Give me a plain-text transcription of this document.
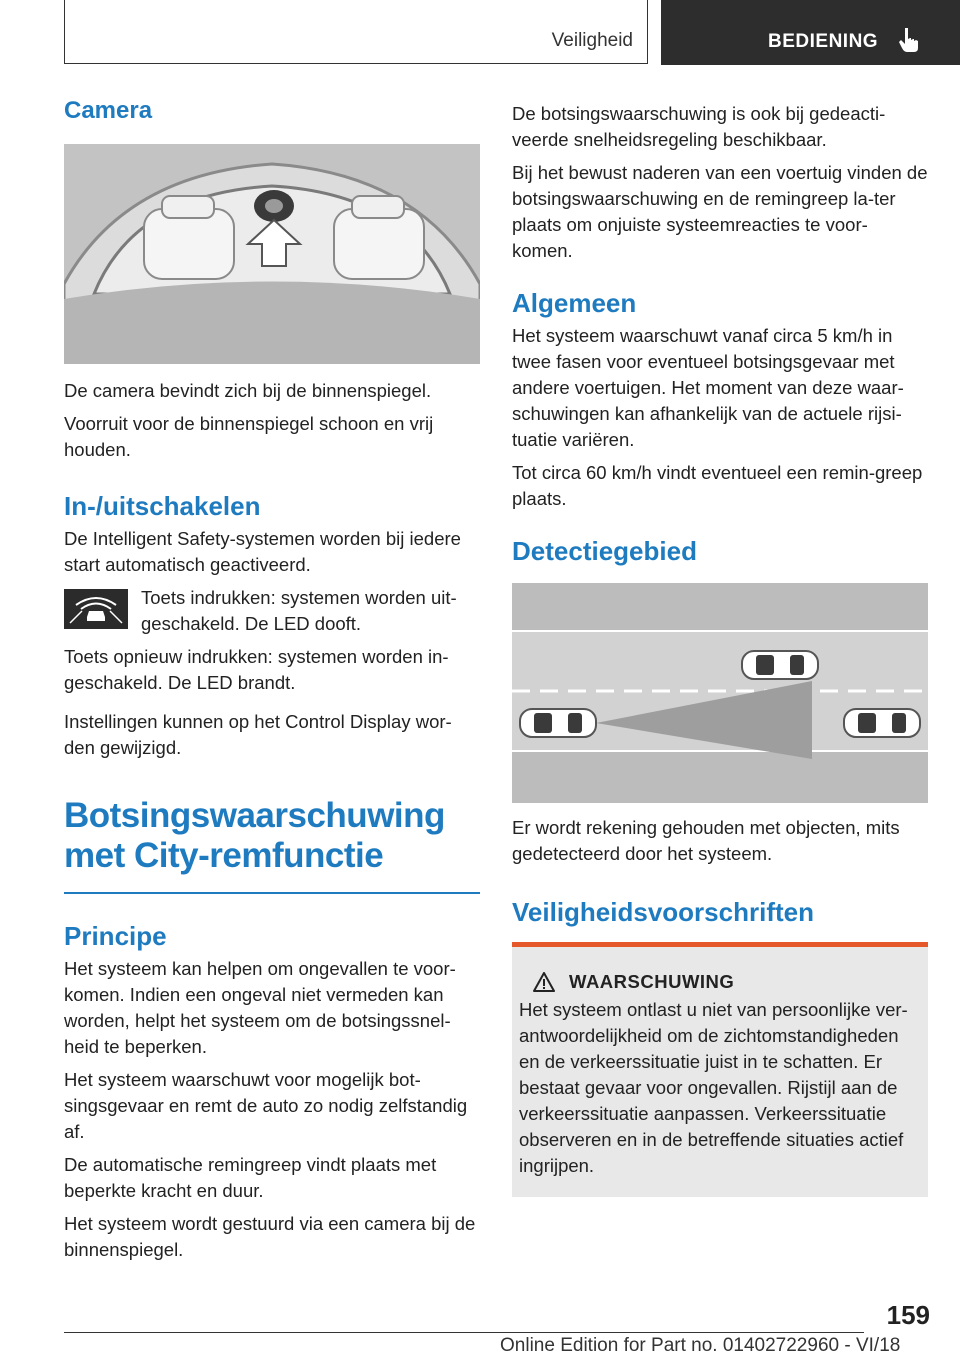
Veiligheid	BEDIENING
Camera

De camera bevindt zich bij de binnenspiegel.

Voorruit voor de binnenspiegel schoon en vrij houden.

In-/uitschakelen

De Intelligent Safety-systemen worden bij iedere start automatisch geactiveerd.

Toets indrukken: systemen worden uit-geschakeld. De LED dooft.

Toets opnieuw indrukken: systemen worden in-geschakeld. De LED brandt.

Instellingen kunnen op het Control Display wor-den gewijzigd.

Botsingswaarschuwing
met City-remfunctie
Principe

Het systeem kan helpen om ongevallen te voor-komen. Indien een ongeval niet vermeden kan worden, helpt het systeem om de botsingssnel-heid te beperken.

Het systeem waarschuwt voor mogelijk bot-singsgevaar en remt de auto zo nodig zelfstandig af.

De automatische remingreep vindt plaats met beperkte kracht en duur.

Het systeem wordt gestuurd via een camera bij de binnenspiegel.

De botsingswaarschuwing is ook bij gedeacti-veerde snelheidsregeling beschikbaar.

Bij het bewust naderen van een voertuig vinden de botsingswaarschuwing en de remingreep la-ter plaats om onjuiste systeemreacties te voor-komen.

Algemeen

Het systeem waarschuwt vanaf circa 5 km/h in twee fasen voor eventueel botsingsgevaar met andere voertuigen. Het moment van deze waar-schuwingen kan afhankelijk van de actuele rijsi-tuatie variëren.

Tot circa 60 km/h vindt eventueel een remin-greep plaats.

Detectiegebied

Er wordt rekening gehouden met objecten, mits gedetecteerd door het systeem.

Veiligheidsvoorschriften
WAARSCHUWING

Het systeem ontlast u niet van persoonlijke ver-antwoordelijkheid om de zichtomstandigheden en de verkeerssituatie juist in te schatten. Er bestaat gevaar voor ongevallen. Rijstijl aan de verkeerssituatie aanpassen. Verkeerssituatie observeren en in de betreffende situaties actief ingrijpen.

159
Online Edition for Part no. 01402722960 - VI/18
